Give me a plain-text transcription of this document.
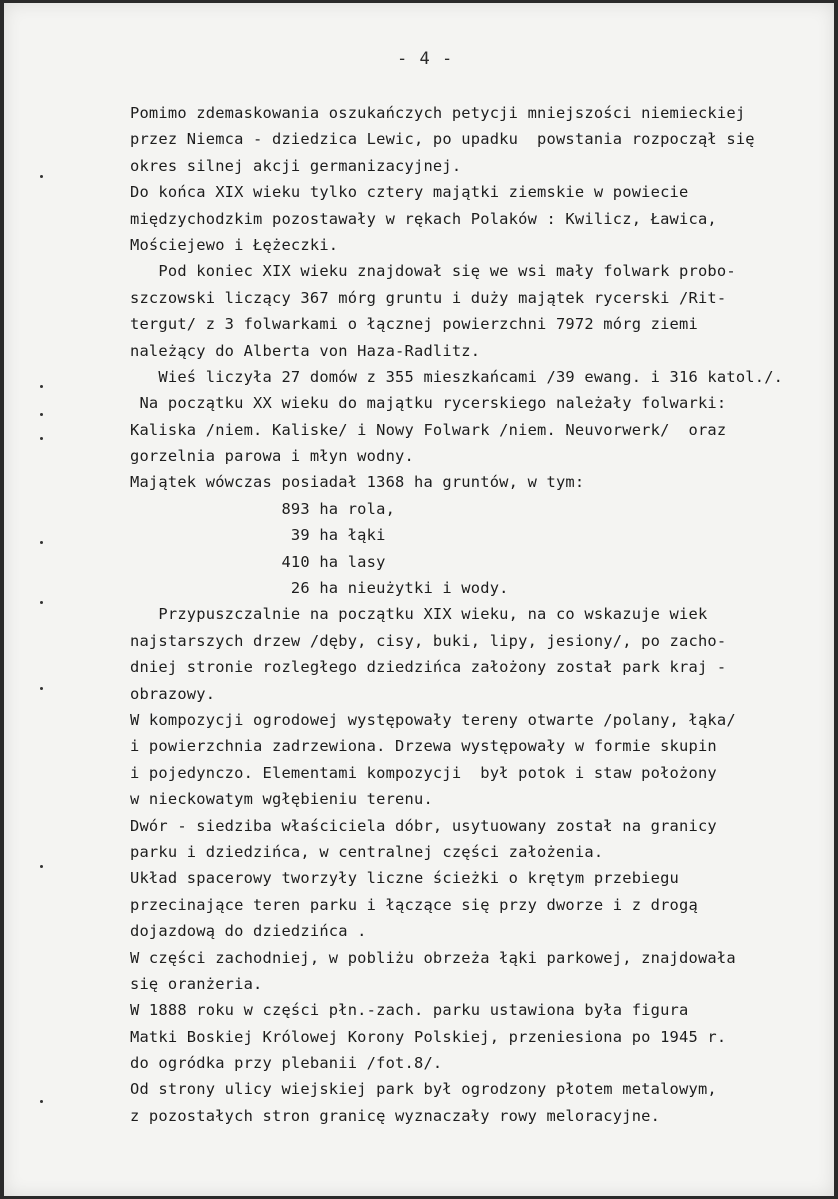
- 4 -
Pomimo zdemaskowania oszukańczych petycji mniejszości niemieckiej
przez Niemca - dziedzica Lewic, po upadku  powstania rozpoczął się
okres silnej akcji germanizacyjnej.
Do końca XIX wieku tylko cztery majątki ziemskie w powiecie
międzychodzkim pozostawały w rękach Polaków : Kwilicz, Ławica,
Mościejewo i Łężeczki.
Pod koniec XIX wieku znajdował się we wsi mały folwark probo-
szczowski liczący 367 mórg gruntu i duży majątek rycerski /Rit-
tergut/ z 3 folwarkami o łącznej powierzchni 7972 mórg ziemi
należący do Alberta von Haza-Radlitz.
Wieś liczyła 27 domów z 355 mieszkańcami /39 ewang. i 316 katol./.
Na początku XX wieku do majątku rycerskiego należały folwarki:
Kaliska /niem. Kaliske/ i Nowy Folwark /niem. Neuvorwerk/  oraz
gorzelnia parowa i młyn wodny.
Majątek wówczas posiadał 1368 ha gruntów, w tym:
893 ha rola,
39 ha łąki
410 ha lasy
26 ha nieużytki i wody.
Przypuszczalnie na początku XIX wieku, na co wskazuje wiek
najstarszych drzew /dęby, cisy, buki, lipy, jesiony/, po zacho-
dniej stronie rozległego dziedzińca założony został park kraj -
obrazowy.
W kompozycji ogrodowej występowały tereny otwarte /polany, łąka/
i powierzchnia zadrzewiona. Drzewa występowały w formie skupin
i pojedynczo. Elementami kompozycji  był potok i staw położony
w nieckowatym wgłębieniu terenu.
Dwór - siedziba właściciela dóbr, usytuowany został na granicy
parku i dziedzińca, w centralnej części założenia.
Układ spacerowy tworzyły liczne ścieżki o krętym przebiegu
przecinające teren parku i łączące się przy dworze i z drogą
dojazdową do dziedzińca .
W części zachodniej, w pobliżu obrzeża łąki parkowej, znajdowała
się oranżeria.
W 1888 roku w części płn.-zach. parku ustawiona była figura
Matki Boskiej Królowej Korony Polskiej, przeniesiona po 1945 r.
do ogródka przy plebanii /fot.8/.
Od strony ulicy wiejskiej park był ogrodzony płotem metalowym,
z pozostałych stron granicę wyznaczały rowy meloracyjne.
